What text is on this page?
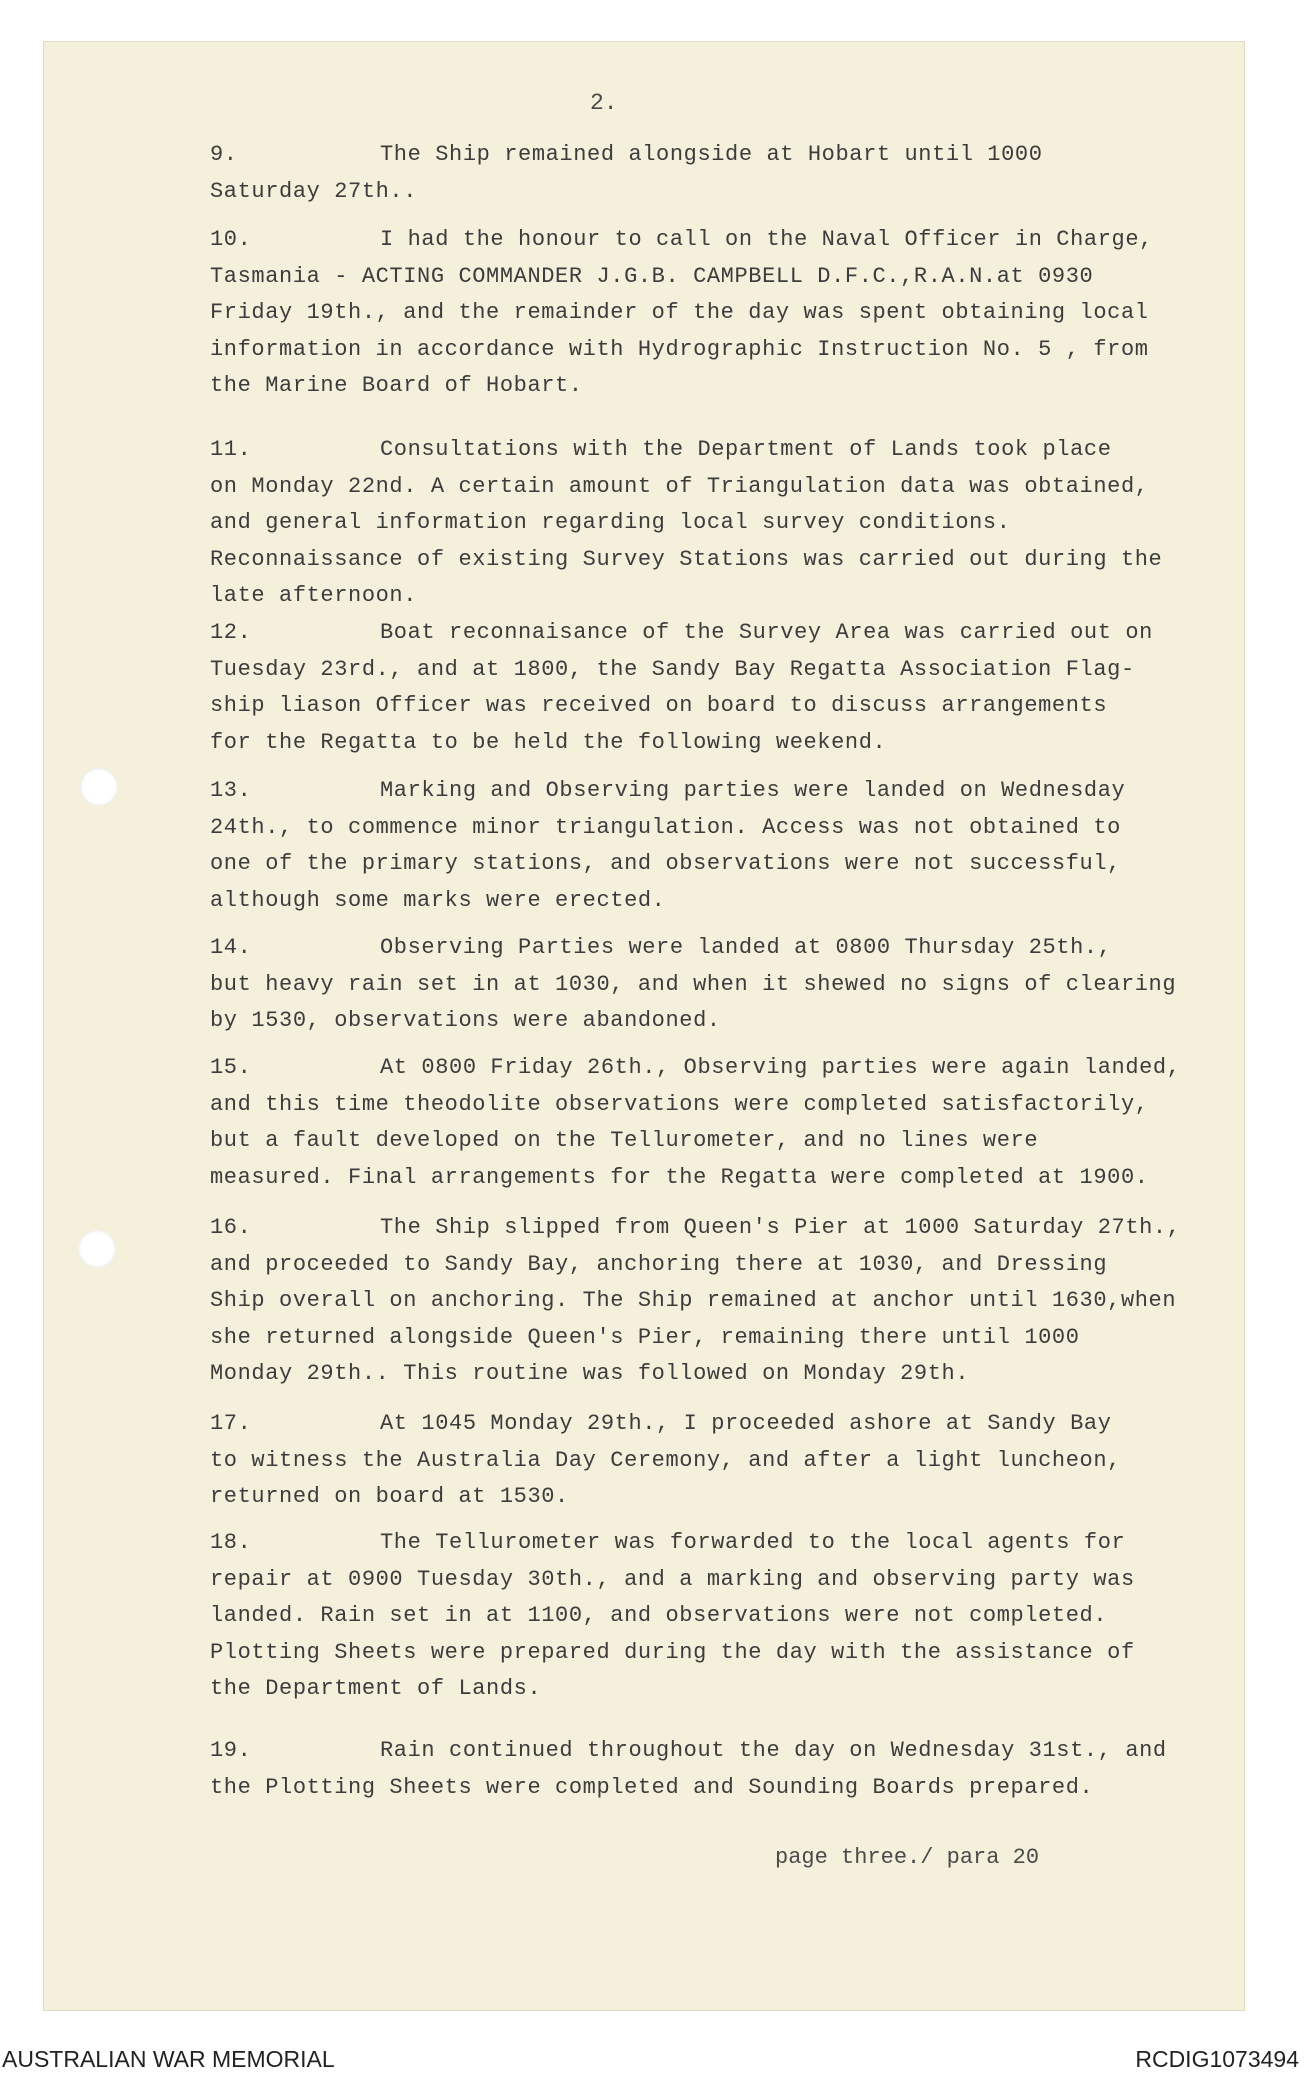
2.

9.	The Ship remained alongside at Hobart until 1000

Saturday 27th..

10.	I had the honour to call on the Naval Officer in Charge,

Tasmania - ACTING COMMANDER J.G.B. CAMPBELL D.F.C.,R.A.N.at 0930

Friday 19th., and the remainder of the day was spent obtaining local

information in accordance with Hydrographic Instruction No. 5 , from

the Marine Board of Hobart.

11.	Consultations with the Department of Lands took place

on Monday 22nd. A certain amount of Triangulation data was obtained,

and general information regarding local survey conditions.

Reconnaissance of existing Survey Stations was carried out during the

late afternoon.

12.	Boat reconnaisance of the Survey Area was carried out on

Tuesday 23rd., and at 1800, the Sandy Bay Regatta Association Flag-

ship liason Officer was received on board to discuss arrangements

for the Regatta to be held the following weekend.

13.	Marking and Observing parties were landed on Wednesday

24th., to commence minor triangulation. Access was not obtained to

one of the primary stations, and observations were not successful,

although some marks were erected.

14.	Observing Parties were landed at 0800 Thursday 25th.,

but heavy rain set in at 1030, and when it shewed no signs of clearing

by 1530, observations were abandoned.

15.	At 0800 Friday 26th., Observing parties were again landed,

and this time theodolite observations were completed satisfactorily,

but a fault developed on the Tellurometer, and no lines were

measured. Final arrangements for the Regatta were completed at 1900.

16.	The Ship slipped from Queen's Pier at 1000 Saturday 27th.,

and proceeded to Sandy Bay, anchoring there at 1030, and Dressing

Ship overall on anchoring. The Ship remained at anchor until 1630,when

she returned alongside Queen's Pier, remaining there until 1000

Monday 29th.. This routine was followed on Monday 29th.

17.	At 1045 Monday 29th., I proceeded ashore at Sandy Bay

to witness the Australia Day Ceremony, and after a light luncheon,

returned on board at 1530.

18.	The Tellurometer was forwarded to the local agents for

repair at 0900 Tuesday 30th., and a marking and observing party was

landed. Rain set in at 1100, and observations were not completed.

Plotting Sheets were prepared during the day with the assistance of

the Department of Lands.

19.	Rain continued throughout the day on Wednesday 31st., and

the Plotting Sheets were completed and Sounding Boards prepared.

page three./ para 20
AUSTRALIAN WAR MEMORIAL	RCDIG1073494
